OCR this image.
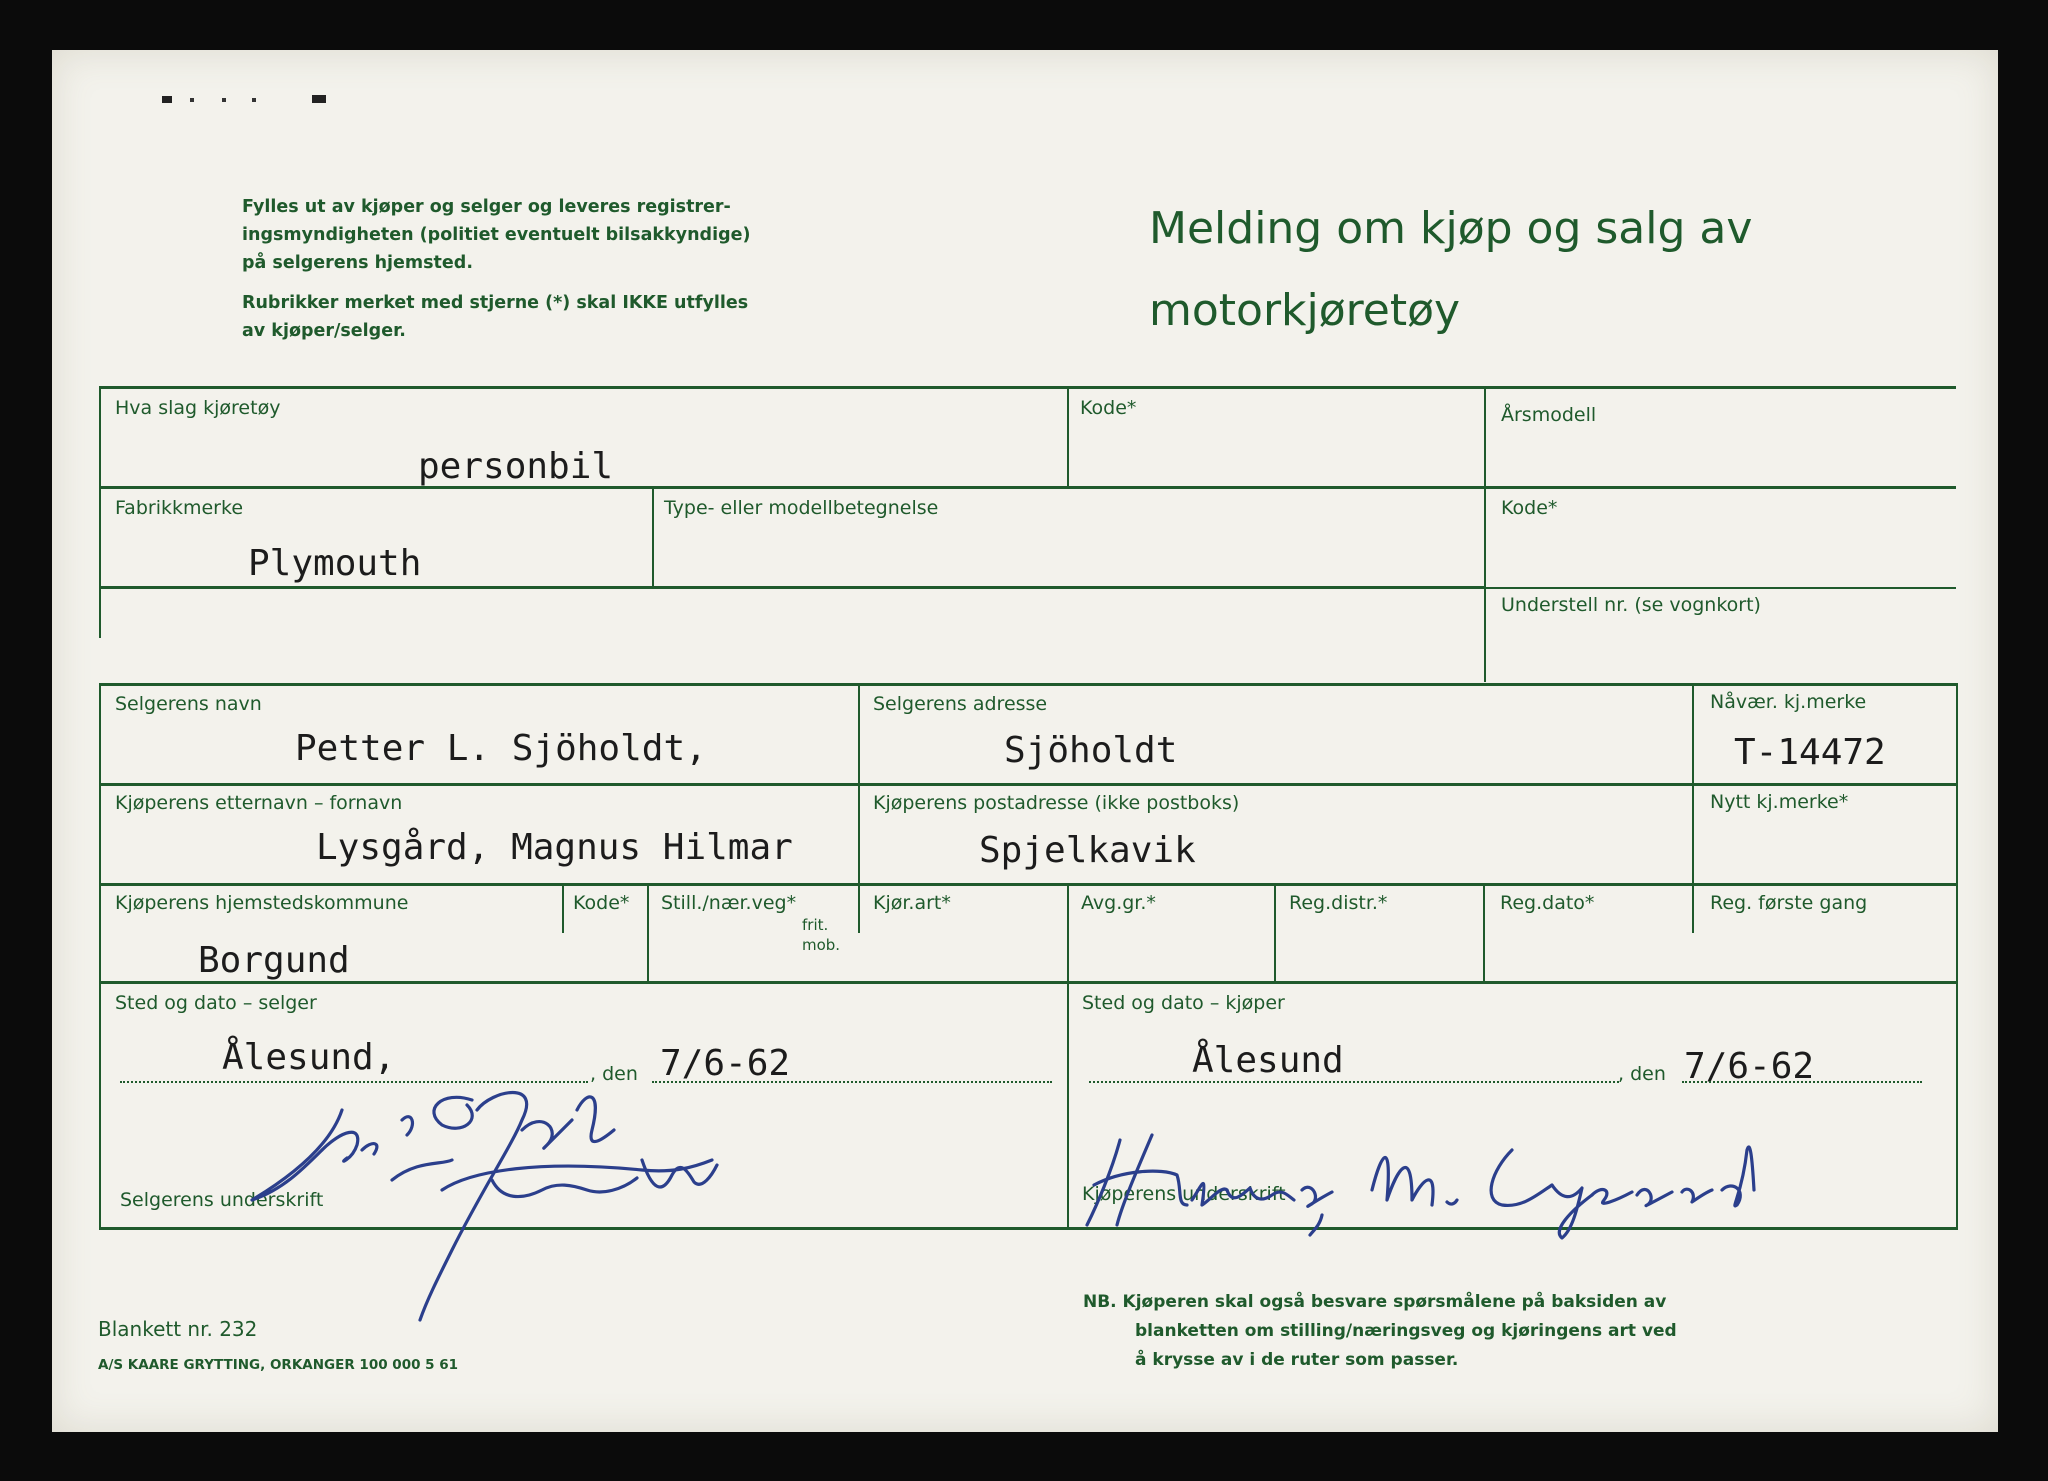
Fylles ut av kjøper og selger og leveres registrer-
ingsmyndigheten (politiet eventuelt bilsakkyndige)
på selgerens hjemsted.
Rubrikker merket med stjerne (*) skal IKKE utfylles
av kjøper/selger.
Melding om kjøp og salg av
motorkjøretøy
Hva slag kjøretøy
personbil
Kode*	Årsmodell
Fabrikkmerke
Plymouth
Type- eller modellbetegnelse	Kode*
Understell nr. (se vognkort)
Selgerens navn
Petter L. Sjöholdt,
Selgerens adresse
Sjöholdt
Nåvær. kj.merke
T-14472
Kjøperens etternavn – fornavn
Lysgård, Magnus Hilmar
Kjøperens postadresse (ikke postboks)
Spjelkavik
Nytt kj.merke*
Kjøperens hjemstedskommune
Borgund
Kode* Still./nær.veg*
frit.
mob.
Kjør.art*	Avg.gr.*	Reg.distr.*	Reg.dato*	Reg. første gang
Sted og dato – selger
Ålesund,	, den 7/6-62
Sted og dato – kjøper
Ålesund	, den 7/6-62
Selgerens underskrift	Kjøperens underskrift
Blankett nr. 232
A/S KAARE GRYTTING, ORKANGER 100 000 5 61
NB. Kjøperen skal også besvare spørsmålene på baksiden av
blanketten om stilling/næringsveg og kjøringens art ved
å krysse av i de ruter som passer.
